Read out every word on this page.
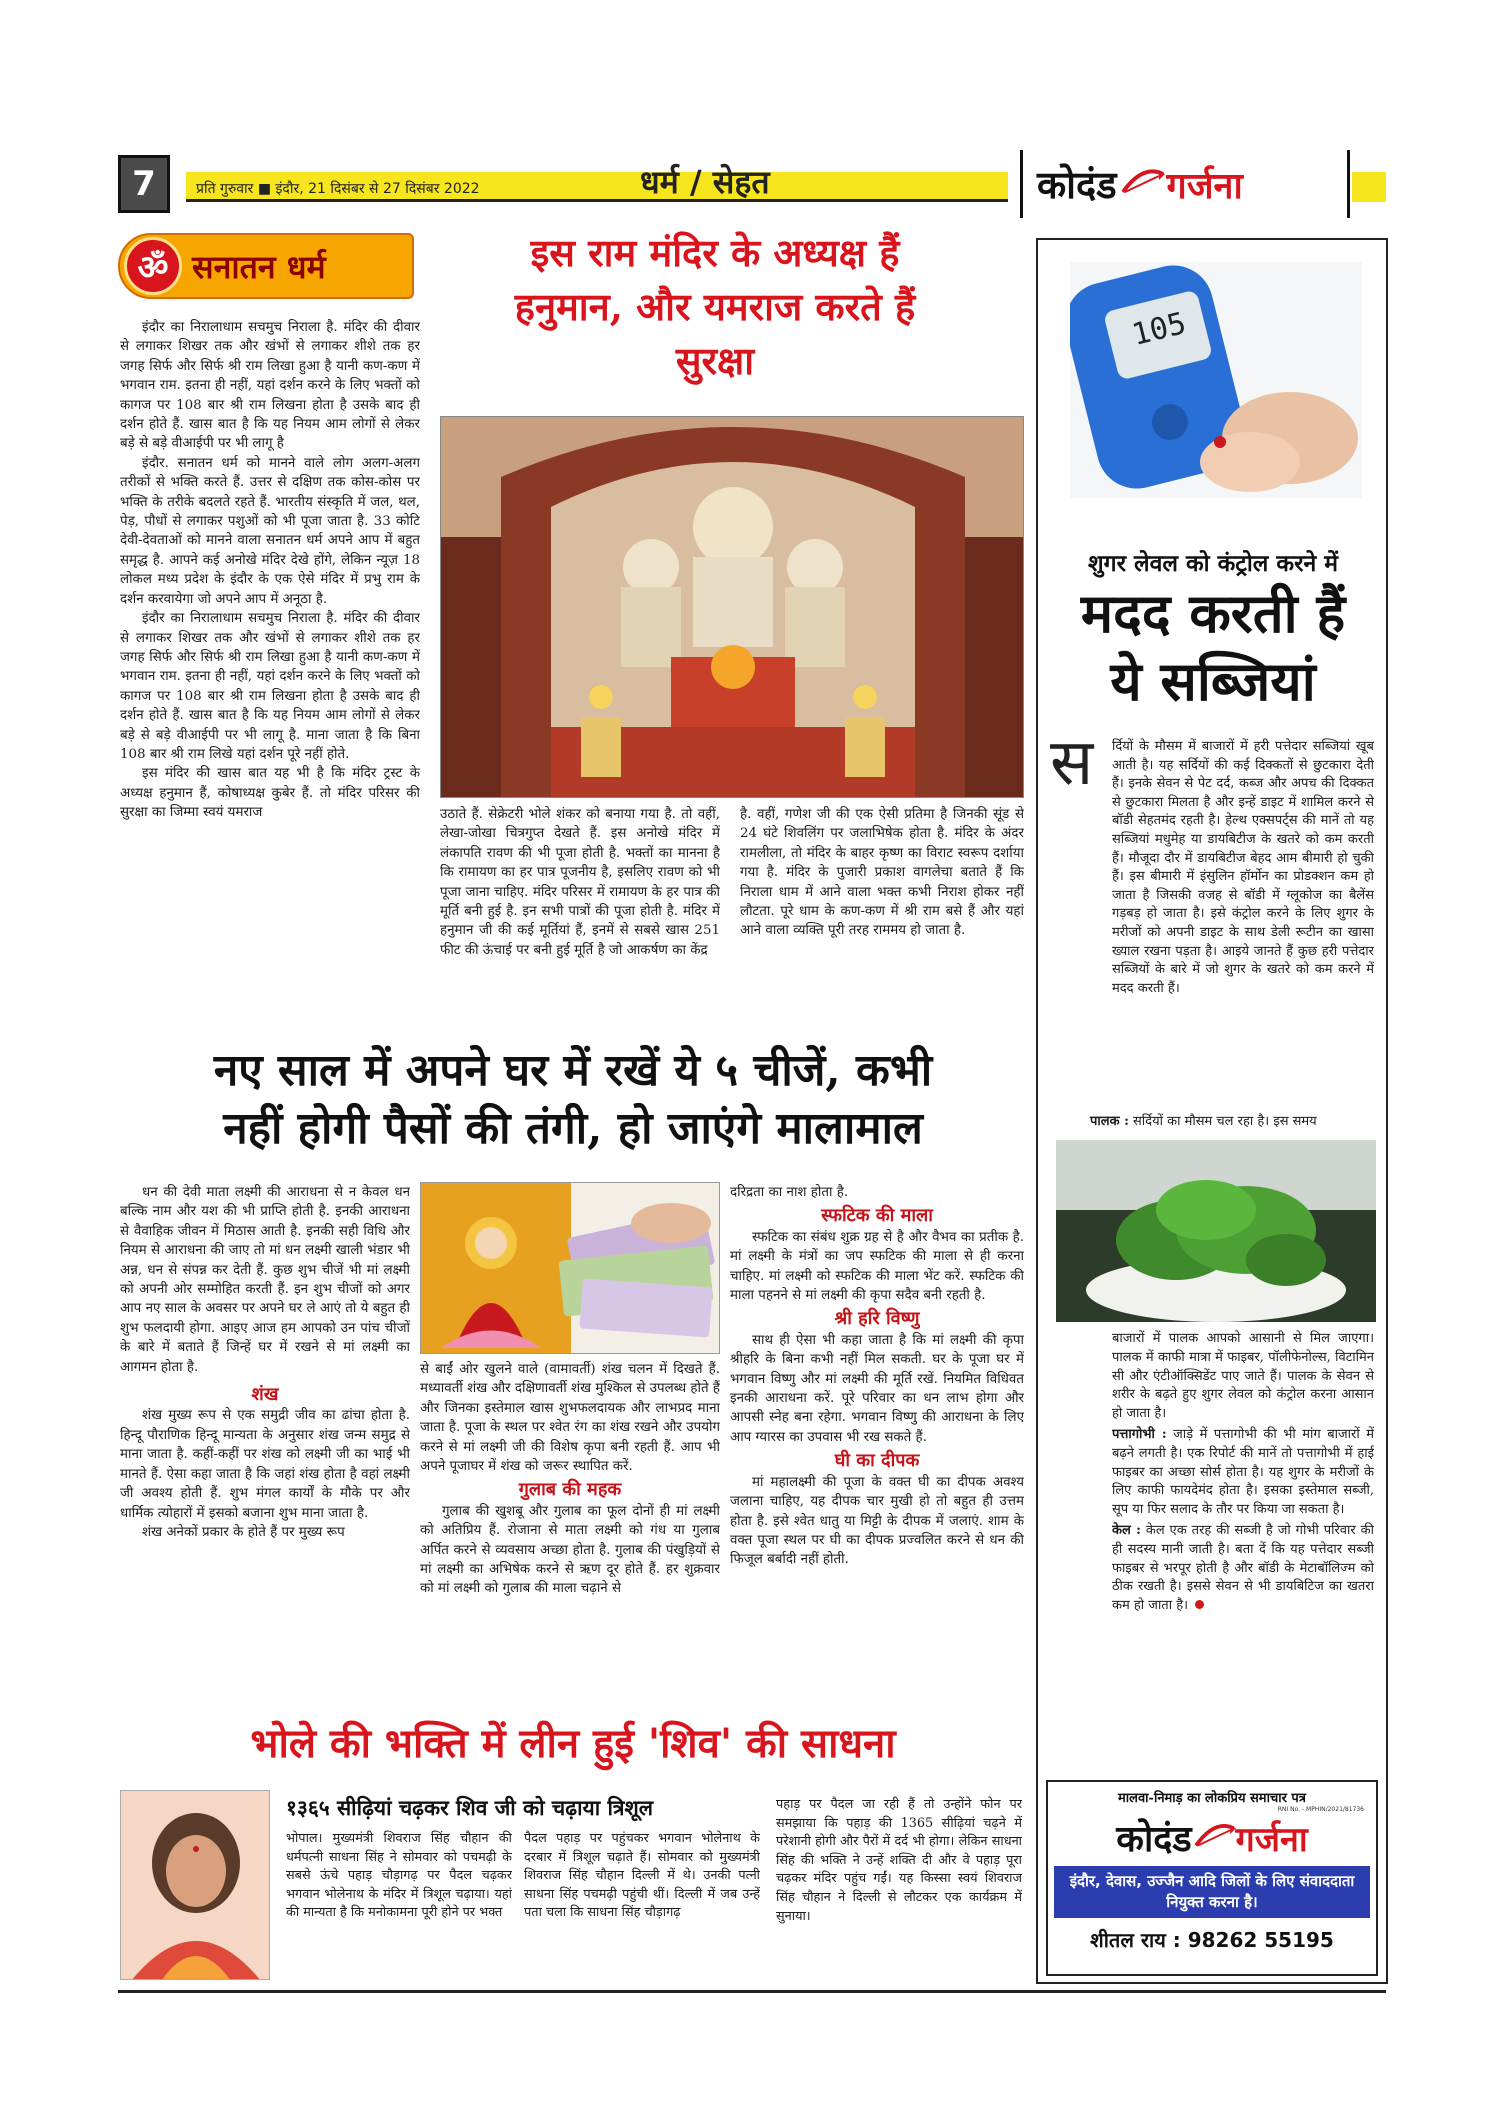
7	प्रति गुरुवार ■ इंदौर, 21 दिसंबर से 27 दिसंबर 2022	धर्म / सेहत	कोदंड गर्जना
ॐ सनातन धर्म

इंदौर का निरालाधाम सचमुच निराला है. मंदिर की दीवार से लगाकर शिखर तक और खंभों से लगाकर शीशे तक हर जगह सिर्फ और सिर्फ श्री राम लिखा हुआ है यानी कण-कण में भगवान राम. इतना ही नहीं, यहां दर्शन करने के लिए भक्तों को कागज पर 108 बार श्री राम लिखना होता है उसके बाद ही दर्शन होते हैं. खास बात है कि यह नियम आम लोगों से लेकर बड़े से बड़े वीआईपी पर भी लागू है

इंदौर. सनातन धर्म को मानने वाले लोग अलग-अलग तरीकों से भक्ति करते हैं. उत्तर से दक्षिण तक कोस-कोस पर भक्ति के तरीके बदलते रहते हैं. भारतीय संस्कृति में जल, थल, पेड़, पौधों से लगाकर पशुओं को भी पूजा जाता है. 33 कोटि देवी-देवताओं को मानने वाला सनातन धर्म अपने आप में बहुत समृद्ध है. आपने कई अनोखे मंदिर देखे होंगे, लेकिन न्यूज़ 18 लोकल मध्य प्रदेश के इंदौर के एक ऐसे मंदिर में प्रभु राम के दर्शन करवायेगा जो अपने आप में अनूठा है.

इंदौर का निरालाधाम सचमुच निराला है. मंदिर की दीवार से लगाकर शिखर तक और खंभों से लगाकर शीशे तक हर जगह सिर्फ और सिर्फ श्री राम लिखा हुआ है यानी कण-कण में भगवान राम. इतना ही नहीं, यहां दर्शन करने के लिए भक्तों को कागज पर 108 बार श्री राम लिखना होता है उसके बाद ही दर्शन होते हैं. खास बात है कि यह नियम आम लोगों से लेकर बड़े से बड़े वीआईपी पर भी लागू है. माना जाता है कि बिना 108 बार श्री राम लिखे यहां दर्शन पूरे नहीं होते.

इस मंदिर की खास बात यह भी है कि मंदिर ट्रस्ट के अध्यक्ष हनुमान हैं, कोषाध्यक्ष कुबेर हैं. तो मंदिर परिसर की सुरक्षा का जिम्मा स्वयं यमराज

इस राम मंदिर के अध्यक्ष हैं हनुमान, और यमराज करते हैं सुरक्षा
उठाते हैं. सेक्रेटरी भोले शंकर को बनाया गया है. तो वहीं, लेखा-जोखा चित्रगुप्त देखते हैं. इस अनोखे मंदिर में लंकापति रावण की भी पूजा होती है. भक्तों का मानना है कि रामायण का हर पात्र पूजनीय है, इसलिए रावण को भी पूजा जाना चाहिए. मंदिर परिसर में रामायण के हर पात्र की मूर्ति बनी हुई है. इन सभी पात्रों की पूजा होती है. मंदिर में हनुमान जी की कई मूर्तियां हैं, इनमें से सबसे खास 251 फीट की ऊंचाई पर बनी हुई मूर्ति है जो आकर्षण का केंद्र
है. वहीं, गणेश जी की एक ऐसी प्रतिमा है जिनकी सूंड से 24 घंटे शिवलिंग पर जलाभिषेक होता है. मंदिर के अंदर रामलीला, तो मंदिर के बाहर कृष्ण का विराट स्वरूप दर्शाया गया है. मंदिर के पुजारी प्रकाश वागलेचा बताते हैं कि निराला धाम में आने वाला भक्त कभी निराश होकर नहीं लौटता. पूरे धाम के कण-कण में श्री राम बसे हैं और यहां आने वाला व्यक्ति पूरी तरह राममय हो जाता है.
नए साल में अपने घर में रखें ये ५ चीजें, कभी
नहीं होगी पैसों की तंगी, हो जाएंगे मालामाल

धन की देवी माता लक्ष्मी की आराधना से न केवल धन बल्कि नाम और यश की भी प्राप्ति होती है. इनकी आराधना से वैवाहिक जीवन में मिठास आती है. इनकी सही विधि और नियम से आराधना की जाए तो मां धन लक्ष्मी खाली भंडार भी अन्न, धन से संपन्न कर देती हैं. कुछ शुभ चीजें भी मां लक्ष्मी को अपनी ओर सम्मोहित करती हैं. इन शुभ चीजों को अगर आप नए साल के अवसर पर अपने घर ले आएं तो ये बहुत ही शुभ फलदायी होगा. आइए आज हम आपको उन पांच चीजों के बारे में बताते हैं जिन्हें घर में रखने से मां लक्ष्मी का आगमन होता है.

शंख

शंख मुख्य रूप से एक समुद्री जीव का ढांचा होता है. हिन्दू पौराणिक हिन्दू मान्यता के अनुसार शंख जन्म समुद्र से माना जाता है. कहीं-कहीं पर शंख को लक्ष्मी जी का भाई भी मानते हैं. ऐसा कहा जाता है कि जहां शंख होता है वहां लक्ष्मी जी अवश्य होती हैं. शुभ मंगल कार्यों के मौके पर और धार्मिक त्योहारों में इसको बजाना शुभ माना जाता है.

शंख अनेकों प्रकार के होते हैं पर मुख्य रूप

से बाईं ओर खुलने वाले (वामावर्ती) शंख चलन में दिखते हैं. मध्यावर्ती शंख और दक्षिणावर्ती शंख मुश्किल से उपलब्ध होते हैं और जिनका इस्तेमाल खास शुभफलदायक और लाभप्रद माना जाता है. पूजा के स्थल पर श्वेत रंग का शंख रखने और उपयोग करने से मां लक्ष्मी जी की विशेष कृपा बनी रहती हैं. आप भी अपने पूजाघर में शंख को जरूर स्थापित करें.

गुलाब की महक

गुलाब की खुशबू और गुलाब का फूल दोनों ही मां लक्ष्मी को अतिप्रिय हैं. रोजाना से माता लक्ष्मी को गंध या गुलाब अर्पित करने से व्यवसाय अच्छा होता है. गुलाब की पंखुड़ियों से मां लक्ष्मी का अभिषेक करने से ऋण दूर होते हैं. हर शुक्रवार को मां लक्ष्मी को गुलाब की माला चढ़ाने से

दरिद्रता का नाश होता है.

स्फटिक की माला

स्फटिक का संबंध शुक्र ग्रह से है और वैभव का प्रतीक है. मां लक्ष्मी के मंत्रों का जप स्फटिक की माला से ही करना चाहिए. मां लक्ष्मी को स्फटिक की माला भेंट करें. स्फटिक की माला पहनने से मां लक्ष्मी की कृपा सदैव बनी रहती है.

श्री हरि विष्णु

साथ ही ऐसा भी कहा जाता है कि मां लक्ष्मी की कृपा श्रीहरि के बिना कभी नहीं मिल सकती. घर के पूजा घर में भगवान विष्णु और मां लक्ष्मी की मूर्ति रखें. नियमित विधिवत इनकी आराधना करें. पूरे परिवार का धन लाभ होगा और आपसी स्नेह बना रहेगा. भगवान विष्णु की आराधना के लिए आप ग्यारस का उपवास भी रख सकते हैं.

घी का दीपक

मां महालक्ष्मी की पूजा के वक्त घी का दीपक अवश्य जलाना चाहिए, यह दीपक चार मुखी हो तो बहुत ही उत्तम होता है. इसे श्वेत धातु या मिट्टी के दीपक में जलाएं. शाम के वक्त पूजा स्थल पर घी का दीपक प्रज्वलित करने से धन की फिजूल बर्बादी नहीं होती.

भोले की भक्ति में लीन हुई 'शिव' की साधना
१३६५ सीढ़ियां चढ़कर शिव जी को चढ़ाया त्रिशूल
भोपाल। मुख्यमंत्री शिवराज सिंह चौहान की धर्मपत्नी साधना सिंह ने सोमवार को पचमढ़ी के सबसे ऊंचे पहाड़ चौड़ागढ़ पर पैदल चढ़कर भगवान भोलेनाथ के मंदिर में त्रिशूल चढ़ाया। यहां की मान्यता है कि मनोकामना पूरी होने पर भक्त
पैदल पहाड़ पर पहुंचकर भगवान भोलेनाथ के दरबार में त्रिशूल चढ़ाते हैं। सोमवार को मुख्यमंत्री शिवराज सिंह चौहान दिल्ली में थे। उनकी पत्नी साधना सिंह पचमढ़ी पहुंची थीं। दिल्ली में जब उन्हें पता चला कि साधना सिंह चौड़ागढ़
पहाड़ पर पैदल जा रही हैं तो उन्होंने फोन पर समझाया कि पहाड़ की 1365 सीढ़ियां चढ़ने में परेशानी होगी और पैरों में दर्द भी होगा। लेकिन साधना सिंह की भक्ति ने उन्हें शक्ति दी और वे पहाड़ पूरा चढ़कर मंदिर पहुंच गईं। यह किस्सा स्वयं शिवराज सिंह चौहान ने दिल्ली से लौटकर एक कार्यक्रम में सुनाया।
105
शुगर लेवल को कंट्रोल करने में
मदद करती हैं
ये सब्जियां
स र्दियों के मौसम में बाजारों में हरी पत्तेदार सब्जियां खूब आती है। यह सर्दियों की कई दिक्कतों से छुटकारा देती हैं। इनके सेवन से पेट दर्द, कब्ज और अपच की दिक्कत से छुटकारा मिलता है और इन्हें डाइट में शामिल करने से बॉडी सेहतमंद रहती है। हेल्थ एक्सपर्ट्स की मानें तो यह सब्जियां मधुमेह या डायबिटीज के खतरे को कम करती हैं। मौजूदा दौर में डायबिटीज बेहद आम बीमारी हो चुकी हैं। इस बीमारी में इंसुलिन हॉर्मोन का प्रोडक्शन कम हो जाता है जिसकी वजह से बॉडी में ग्लूकोज का बैलेंस गड़बड़ हो जाता है। इसे कंट्रोल करने के लिए शुगर के मरीजों को अपनी डाइट के साथ डेली रूटीन का खासा ख्याल रखना पड़ता है। आइये जानते हैं कुछ हरी पत्तेदार सब्जियों के बारे में जो शुगर के खतरे को कम करने में मदद करती हैं।
पालक : सर्दियों का मौसम चल रहा है। इस समय

बाजारों में पालक आपको आसानी से मिल जाएगा। पालक में काफी मात्रा में फाइबर, पॉलीफेनोल्स, विटामिन सी और एंटीऑक्सिडेंट पाए जाते हैं। पालक के सेवन से शरीर के बढ़ते हुए शुगर लेवल को कंट्रोल करना आसान हो जाता है।

पत्तागोभी : जाड़े में पत्तागोभी की भी मांग बाजारों में बढ़ने लगती है। एक रिपोर्ट की मानें तो पत्तागोभी में हाई फाइबर का अच्छा सोर्स होता है। यह शुगर के मरीजों के लिए काफी फायदेमंद होता है। इसका इस्तेमाल सब्जी, सूप या फिर सलाद के तौर पर किया जा सकता है।

केल : केल एक तरह की सब्जी है जो गोभी परिवार की ही सदस्य मानी जाती है। बता दें कि यह पत्तेदार सब्जी फाइबर से भरपूर होती है और बॉडी के मेटाबॉलिज्म को ठीक रखती है। इससे सेवन से भी डायबिटिज का खतरा कम हो जाता है।

मालवा-निमाड़ का लोकप्रिय समाचार पत्र
RNI No. - MPHIN/2021/81736
कोदंड गर्जना
इंदौर, देवास, उज्जैन आदि जिलों के लिए संवाददाता नियुक्त करना है।
शीतल राय : 98262 55195
